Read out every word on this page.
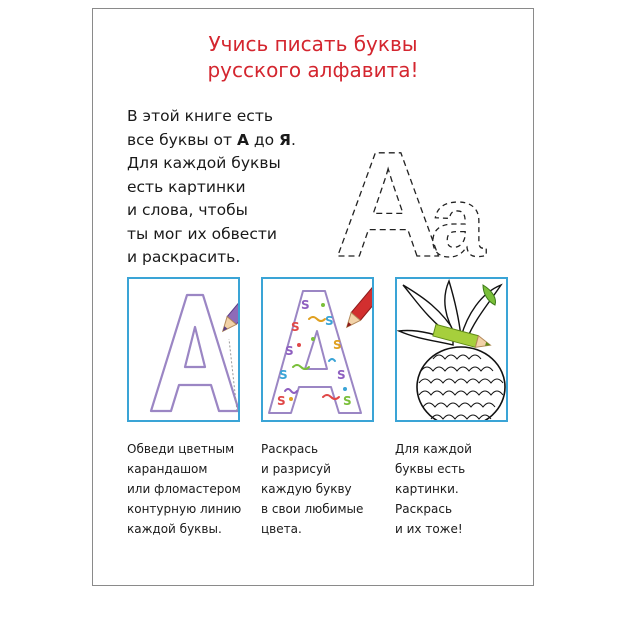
Учись писать буквы
русского алфавита!
В этой книге есть
все буквы от А до Я.
Для каждой буквы
есть картинки
и слова, чтобы
ты мог их обвести
и раскрасить. A
a
S
S S
S	S
S	S
S	S
Обведи цветным
карандашом
или фломастером
контурную линию
каждой буквы.
Раскрась
и разрисуй
каждую букву
в свои любимые
цвета.
Для каждой
буквы есть
картинки.
Раскрась
и их тоже!
